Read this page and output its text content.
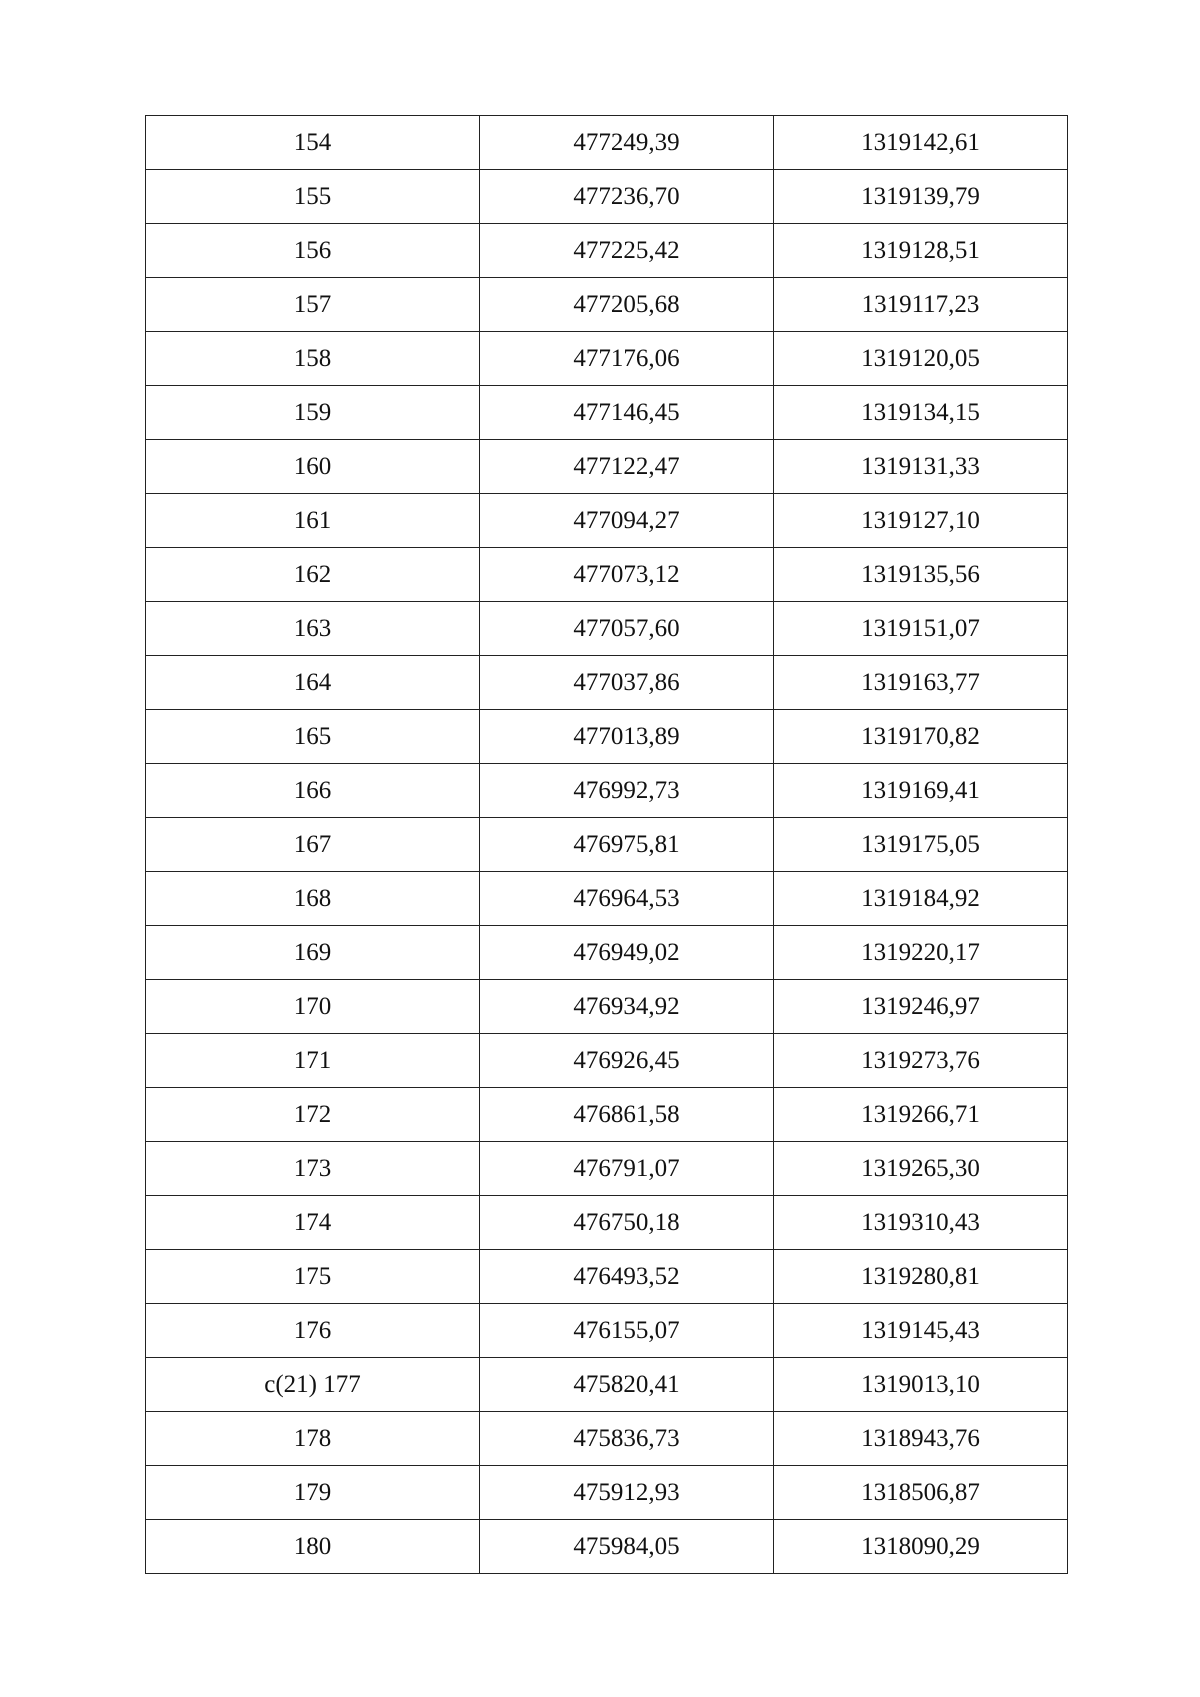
154	477249,39	1319142,61
155	477236,70	1319139,79
156	477225,42	1319128,51
157	477205,68	1319117,23
158	477176,06	1319120,05
159	477146,45	1319134,15
160	477122,47	1319131,33
161	477094,27	1319127,10
162	477073,12	1319135,56
163	477057,60	1319151,07
164	477037,86	1319163,77
165	477013,89	1319170,82
166	476992,73	1319169,41
167	476975,81	1319175,05
168	476964,53	1319184,92
169	476949,02	1319220,17
170	476934,92	1319246,97
171	476926,45	1319273,76
172	476861,58	1319266,71
173	476791,07	1319265,30
174	476750,18	1319310,43
175	476493,52	1319280,81
176	476155,07	1319145,43
c(21) 177	475820,41	1319013,10
178	475836,73	1318943,76
179	475912,93	1318506,87
180	475984,05	1318090,29
